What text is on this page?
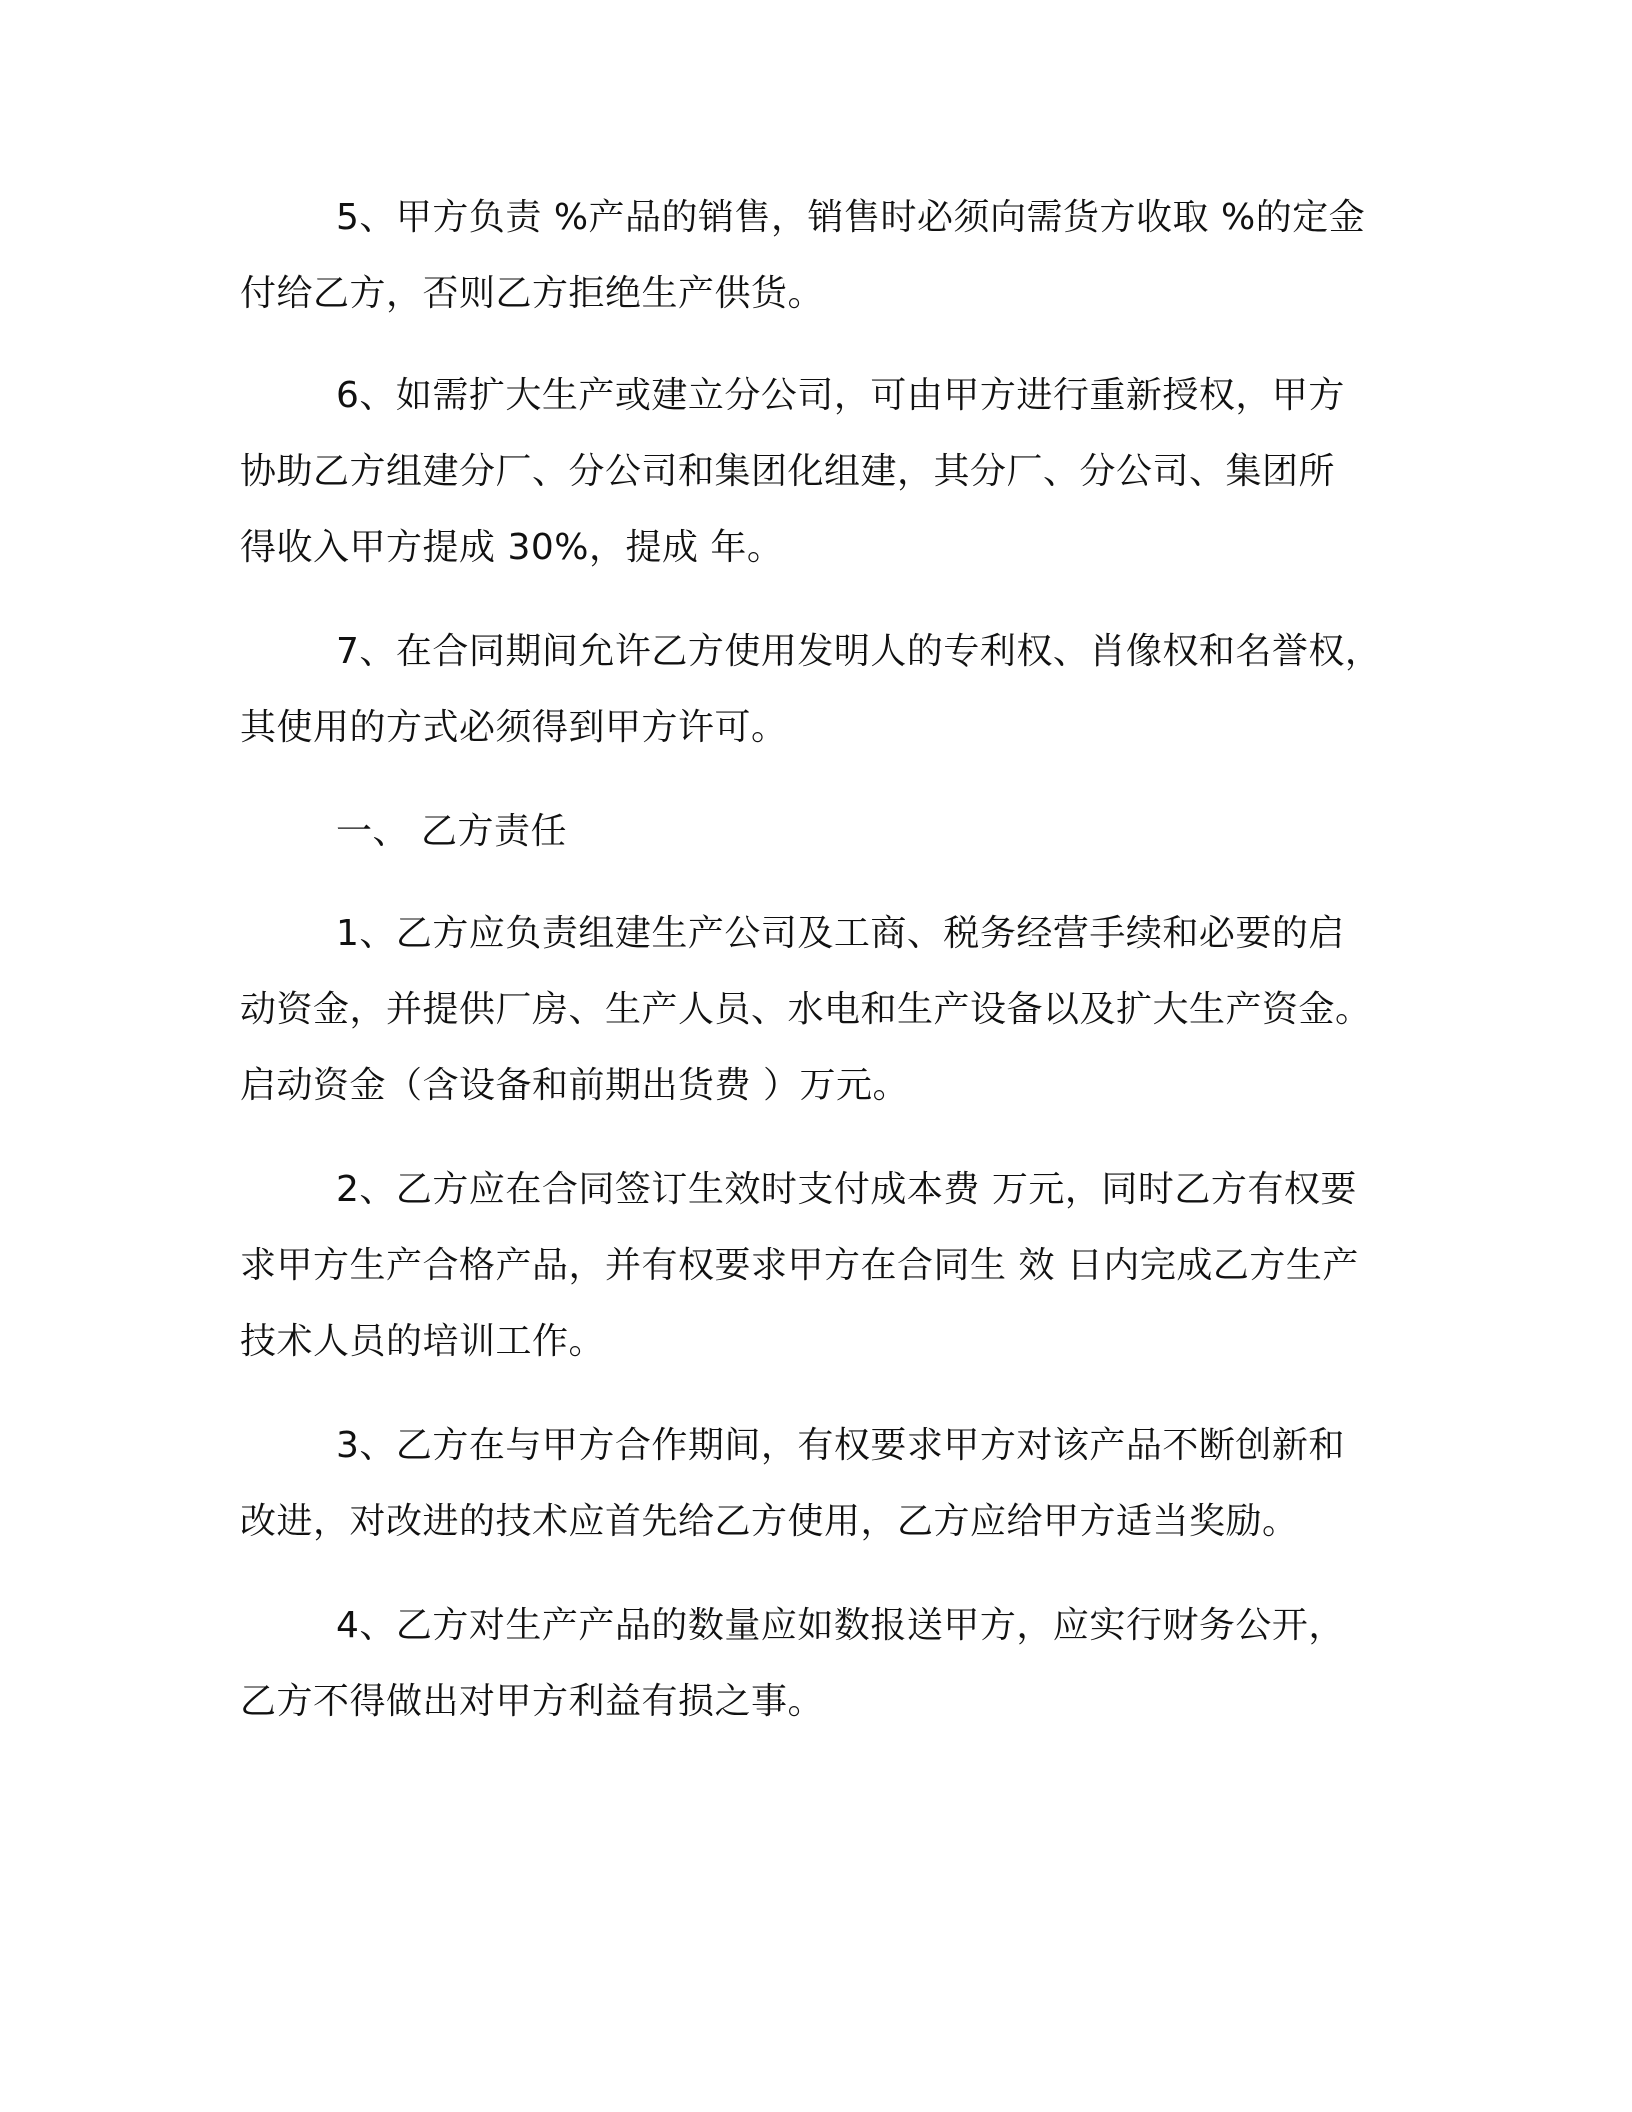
5、甲方负责 %产品的销售，销售时必须向需货方收取 %的定金
付给乙方，否则乙方拒绝生产供货。

6、如需扩大生产或建立分公司，可由甲方进行重新授权，甲方
协助乙方组建分厂、分公司和集团化组建，其分厂、分公司、集团所
得收入甲方提成 30%，提成 年。

7、在合同期间允许乙方使用发明人的专利权、肖像权和名誉权，
其使用的方式必须得到甲方许可。

一、 乙方责任

1、乙方应负责组建生产公司及工商、税务经营手续和必要的启
动资金，并提供厂房、生产人员、水电和生产设备以及扩大生产资金。
启动资金（含设备和前期出货费 ）万元。

2、乙方应在合同签订生效时支付成本费 万元，同时乙方有权要
求甲方生产合格产品，并有权要求甲方在合同生 效 日内完成乙方生产
技术人员的培训工作。

3、乙方在与甲方合作期间，有权要求甲方对该产品不断创新和
改进，对改进的技术应首先给乙方使用，乙方应给甲方适当奖励。

4、乙方对生产产品的数量应如数报送甲方，应实行财务公开，
乙方不得做出对甲方利益有损之事。
